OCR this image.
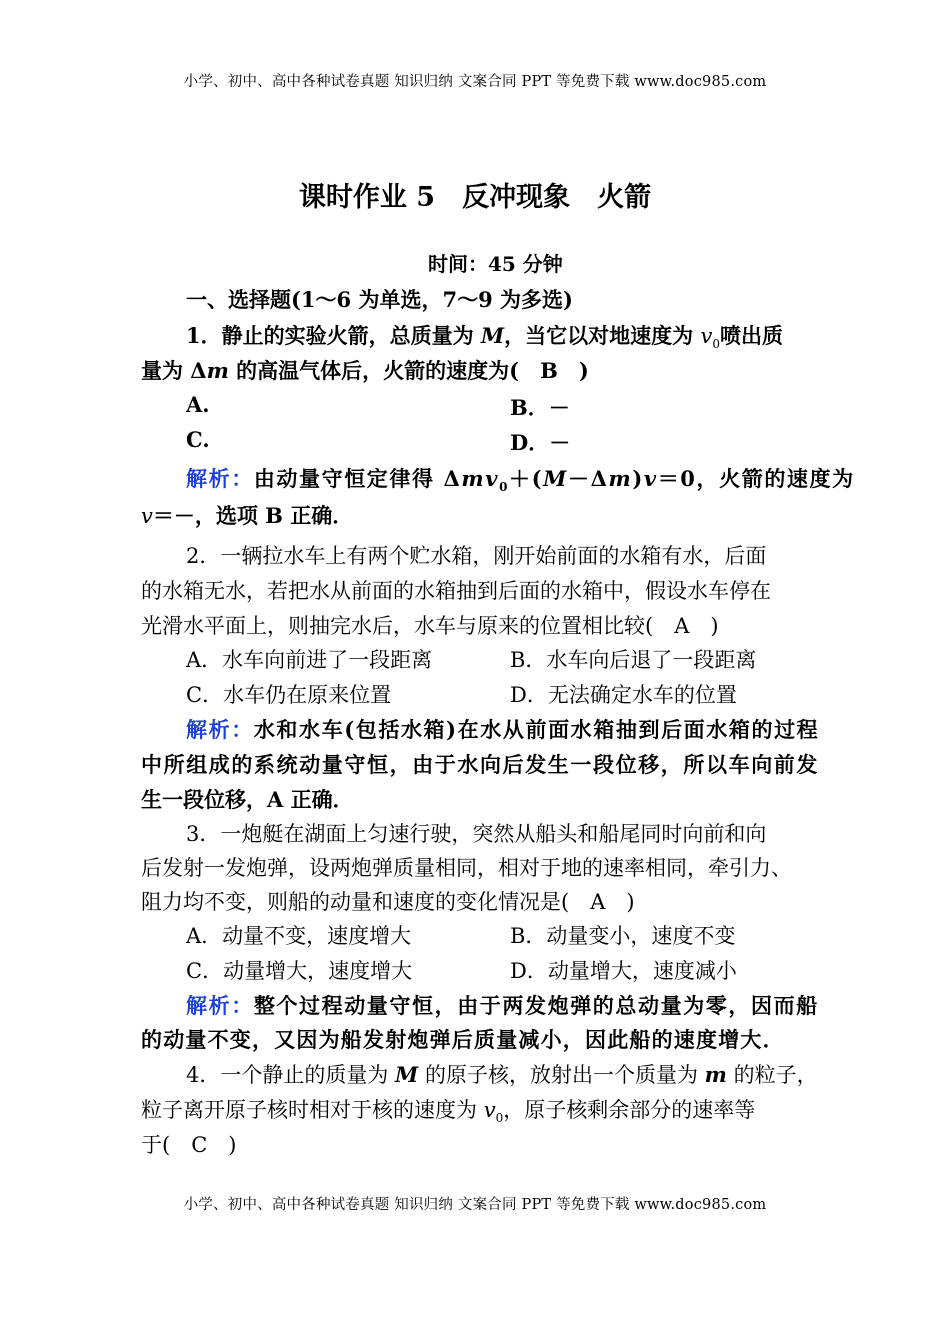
小学、初中、高中各种试卷真题 知识归纳 文案合同 PPT 等免费下载 www.doc985.com
课时作业 5　反冲现象　火箭
时间：45 分钟
一、选择题(1～6 为单选，7～9 为多选)
1．静止的实验火箭，总质量为 M，当它以对地速度为 $v_0$喷出质
量为 Δm 的高温气体后，火箭的速度为(　B　)
A.	B．－
C.	D．－
解析：由动量守恒定律得 Δmv$_0$＋(M－Δm)v＝0，火箭的速度为
v＝－，选项 B 正确．
2．一辆拉水车上有两个贮水箱，刚开始前面的水箱有水，后面
的水箱无水，若把水从前面的水箱抽到后面的水箱中，假设水车停在
光滑水平面上，则抽完水后，水车与原来的位置相比较(　A　)
A．水车向前进了一段距离	B．水车向后退了一段距离
C．水车仍在原来位置	D．无法确定水车的位置
解析：水和水车(包括水箱)在水从前面水箱抽到后面水箱的过程
中所组成的系统动量守恒，由于水向后发生一段位移，所以车向前发
生一段位移，A 正确．
3．一炮艇在湖面上匀速行驶，突然从船头和船尾同时向前和向
后发射一发炮弹，设两炮弹质量相同，相对于地的速率相同，牵引力、
阻力均不变，则船的动量和速度的变化情况是(　A　)
A．动量不变，速度增大	B．动量变小，速度不变
C．动量增大，速度增大	D．动量增大，速度减小
解析：整个过程动量守恒，由于两发炮弹的总动量为零，因而船
的动量不变，又因为船发射炮弹后质量减小，因此船的速度增大．
4．一个静止的质量为 M 的原子核，放射出一个质量为 m 的粒子，
粒子离开原子核时相对于核的速度为 $v_0$，原子核剩余部分的速率等
于(　C　)
小学、初中、高中各种试卷真题 知识归纳 文案合同 PPT 等免费下载 www.doc985.com
